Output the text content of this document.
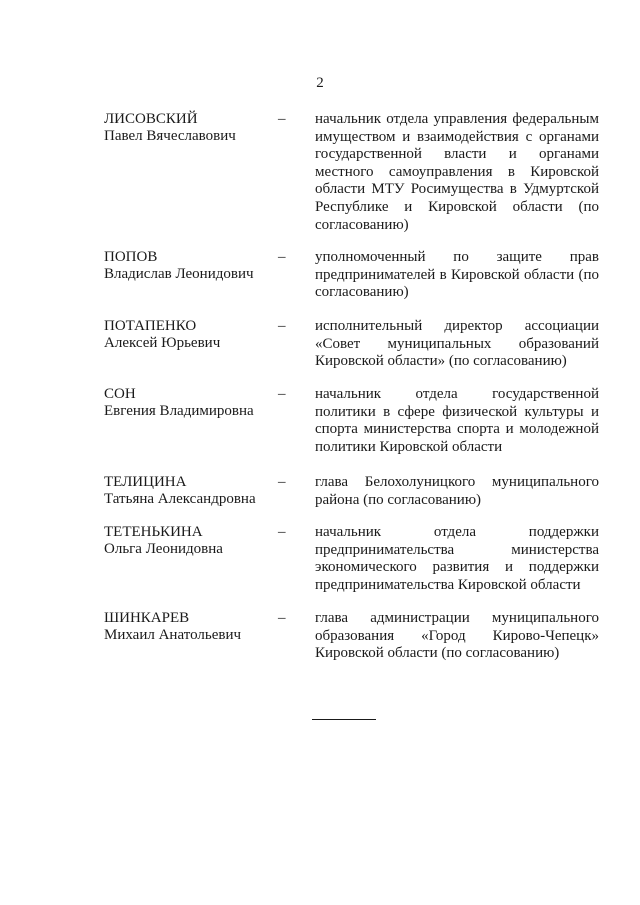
2
ЛИСОВСКИЙ
Павел Вячеславович
– начальник отдела управления федеральным имуществом и взаимодействия с органами государственной власти и органами местного самоуправления в Кировской области МТУ Росимущества в Удмуртской Республике и Кировской области (по согласованию)
ПОПОВ
Владислав Леонидович
– уполномоченный по защите прав предпринимателей в Кировской области (по согласованию)
ПОТАПЕНКО
Алексей Юрьевич
– исполнительный директор ассоциации «Совет муниципальных образований Кировской области» (по согласованию)
СОН
Евгения Владимировна
– начальник отдела государственной политики в сфере физической культуры и спорта министерства спорта и молодежной политики Кировской области
ТЕЛИЦИНА
Татьяна Александровна
– глава Белохолуницкого муниципального района (по согласованию)
ТЕТЕНЬКИНА
Ольга Леонидовна
– начальник отдела поддержки предпринимательства министерства экономического развития и поддержки предпринимательства Кировской области
ШИНКАРЕВ
Михаил Анатольевич
– глава администрации муниципального образования «Город Кирово-Чепецк» Кировской области (по согласованию)
